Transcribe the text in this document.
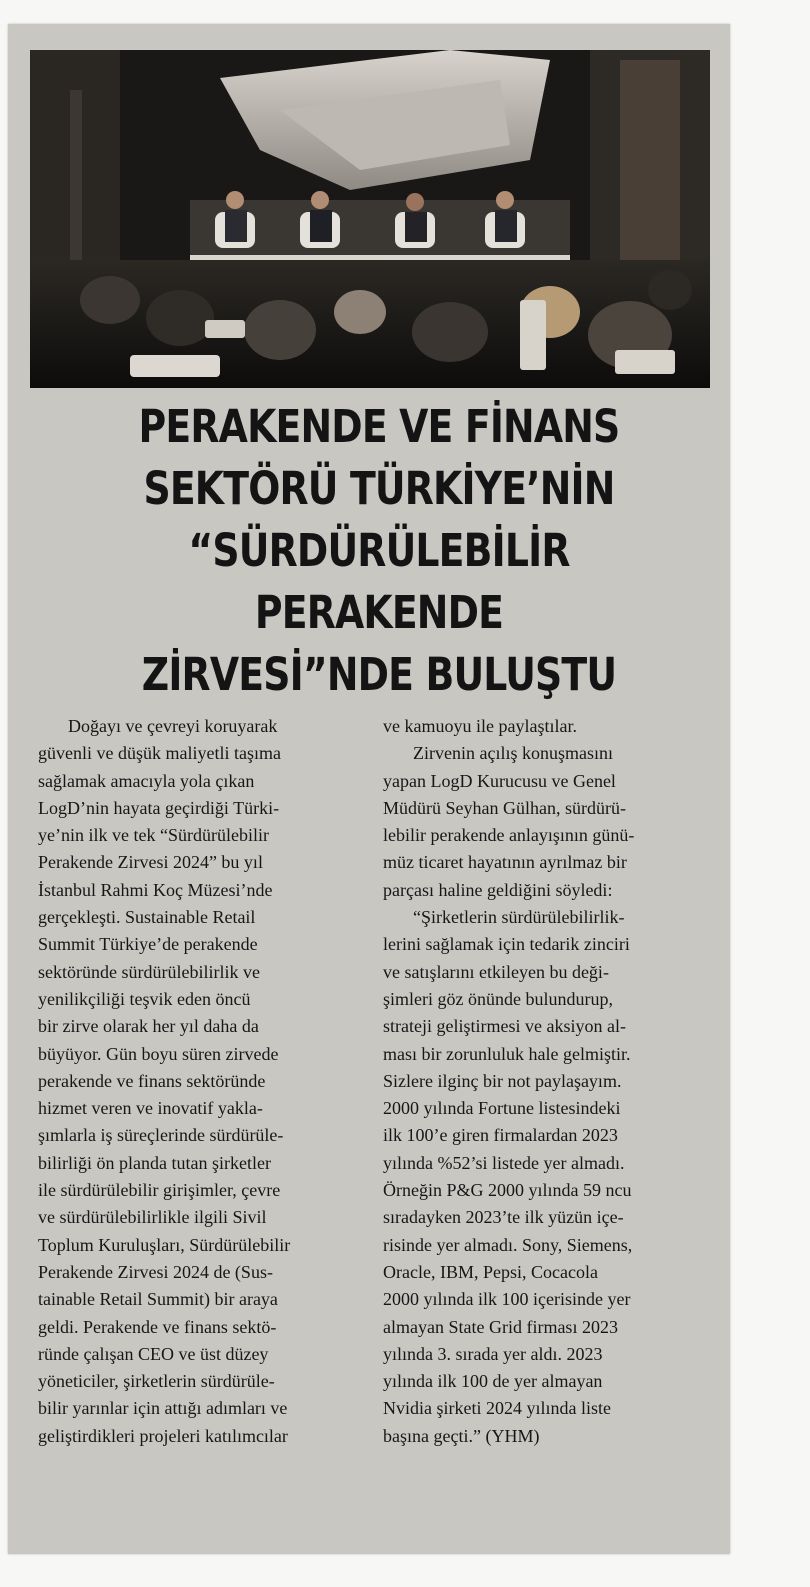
PERAKENDE VE FİNANS
SEKTÖRÜ TÜRKİYE’NİN
“SÜRDÜRÜLEBİLİR PERAKENDE
ZİRVESİ”NDE BULUŞTU

Doğayı ve çevreyi koruyarak
güvenli ve düşük maliyetli taşıma
sağlamak amacıyla yola çıkan
LogD’nin hayata geçirdiği Türki-
ye’nin ilk ve tek “Sürdürülebilir
Perakende Zirvesi 2024” bu yıl
İstanbul Rahmi Koç Müzesi’nde
gerçekleşti. Sustainable Retail
Summit Türkiye’de perakende
sektöründe sürdürülebilirlik ve
yenilikçiliği teşvik eden öncü
bir zirve olarak her yıl daha da
büyüyor. Gün boyu süren zirvede
perakende ve finans sektöründe
hizmet veren ve inovatif yakla-
şımlarla iş süreçlerinde sürdürüle-
bilirliği ön planda tutan şirketler
ile sürdürülebilir girişimler, çevre
ve sürdürülebilirlikle ilgili Sivil
Toplum Kuruluşları, Sürdürülebilir
Perakende Zirvesi 2024 de (Sus-
tainable Retail Summit) bir araya
geldi. Perakende ve finans sektö-
ründe çalışan CEO ve üst düzey
yöneticiler, şirketlerin sürdürüle-
bilir yarınlar için attığı adımları ve
geliştirdikleri projeleri katılımcılar

ve kamuoyu ile paylaştılar.

Zirvenin açılış konuşmasını
yapan LogD Kurucusu ve Genel
Müdürü Seyhan Gülhan, sürdürü-
lebilir perakende anlayışının günü-
müz ticaret hayatının ayrılmaz bir
parçası haline geldiğini söyledi:

“Şirketlerin sürdürülebilirlik-
lerini sağlamak için tedarik zinciri
ve satışlarını etkileyen bu deği-
şimleri göz önünde bulundurup,
strateji geliştirmesi ve aksiyon al-
ması bir zorunluluk hale gelmiştir.
Sizlere ilginç bir not paylaşayım.
2000 yılında Fortune listesindeki
ilk 100’e giren firmalardan 2023
yılında %52’si listede yer almadı.
Örneğin P&G 2000 yılında 59 ncu
sıradayken 2023’te ilk yüzün içe-
risinde yer almadı. Sony, Siemens,
Oracle, IBM, Pepsi, Cocacola
2000 yılında ilk 100 içerisinde yer
almayan State Grid firması 2023
yılında 3. sırada yer aldı. 2023
yılında ilk 100 de yer almayan
Nvidia şirketi 2024 yılında liste
başına geçti.” (YHM)
